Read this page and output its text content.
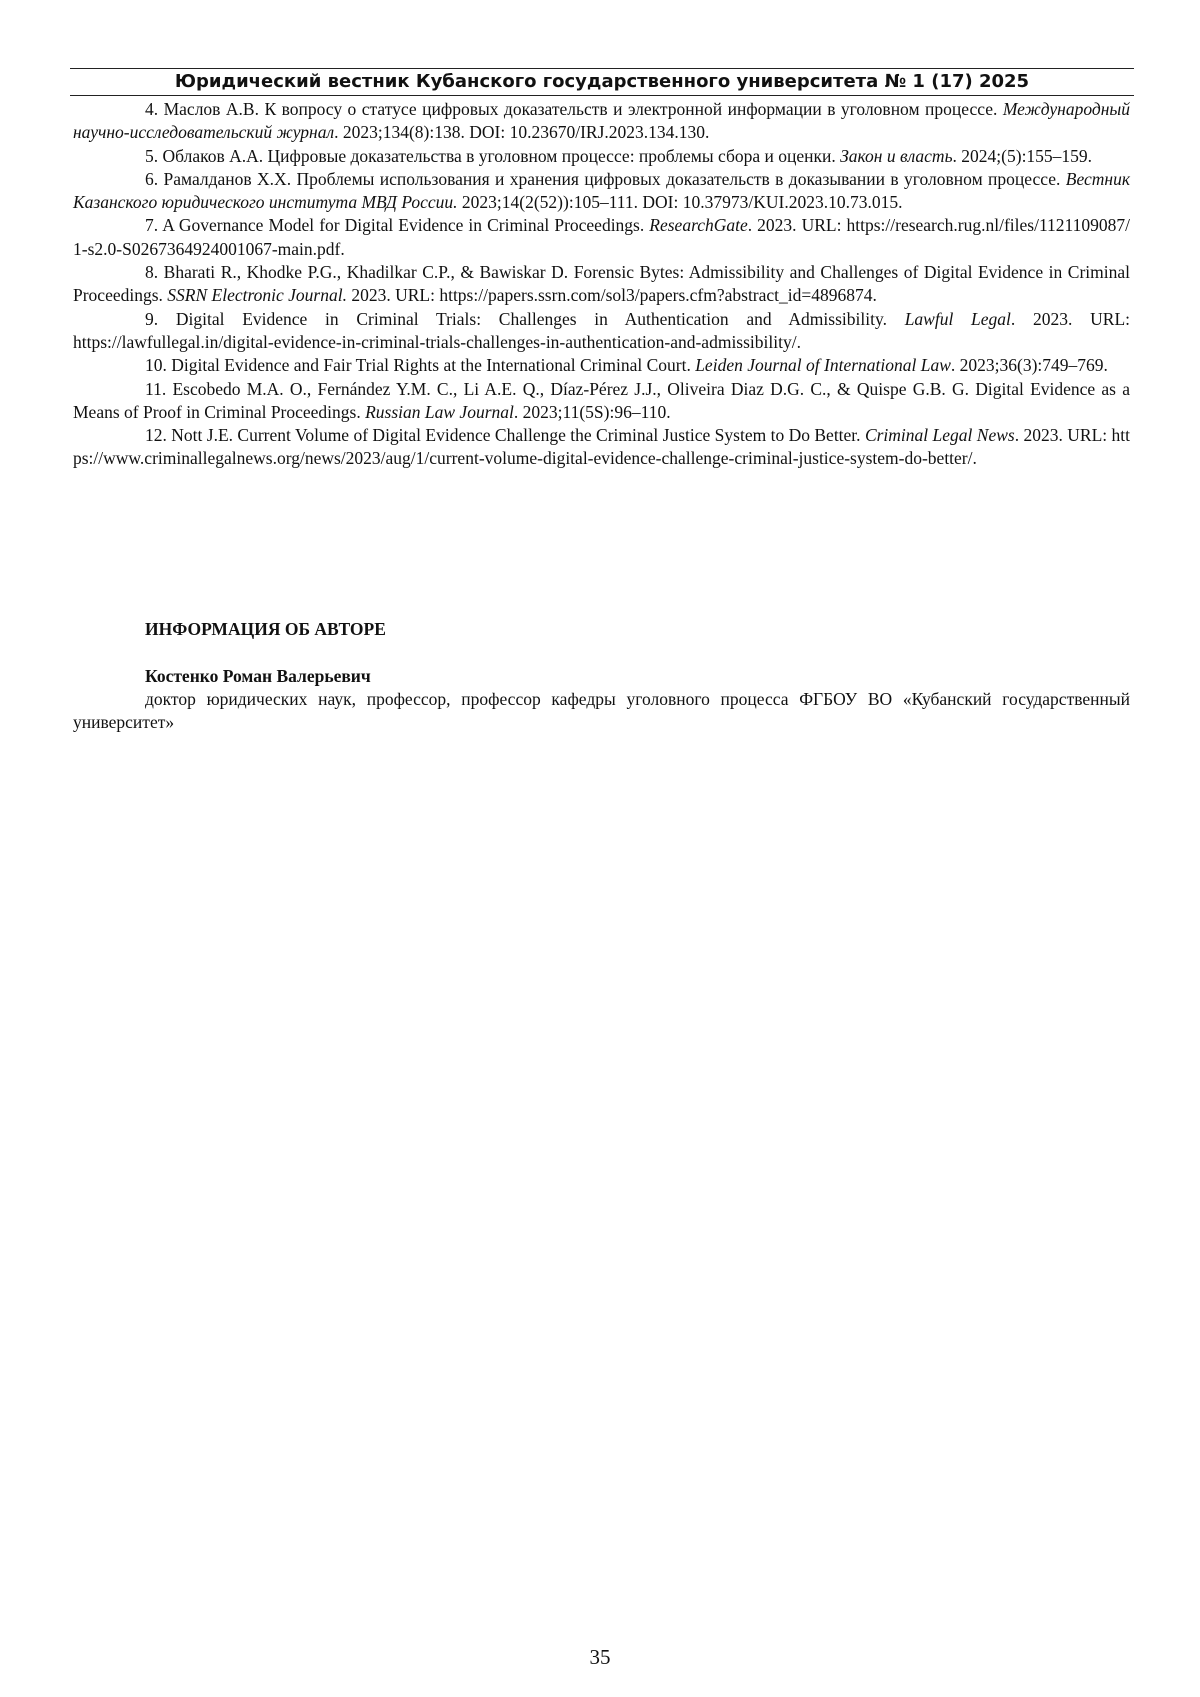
Юридический вестник Кубанского государственного университета № 1 (17) 2025

4. Маслов А.В. К вопросу о статусе цифровых доказательств и электронной информации в уголовном процессе. Международный научно-исследовательский журнал. 2023;134(8):138. DOI: 10.23670/IRJ.2023.134.130.

5. Облаков А.А. Цифровые доказательства в уголовном процессе: проблемы сбора и оценки. Закон и власть. 2024;(5):155–159.

6. Рамалданов Х.Х. Проблемы использования и хранения цифровых доказательств в доказывании в уголовном процессе. Вестник Казанского юридического института МВД России. 2023;14(2(52)):105–111. DOI: 10.37973/KUI.2023.10.73.015.

7. A Governance Model for Digital Evidence in Criminal Proceedings. ResearchGate. 2023. URL: https://research.rug.nl/files/1121109087/1-s2.0-S0267364924001067-main.pdf.

8. Bharati R., Khodke P.G., Khadilkar C.P., & Bawiskar D. Forensic Bytes: Admissibility and Challenges of Digital Evidence in Criminal Proceedings. SSRN Electronic Journal. 2023. URL: https://papers.ssrn.com/sol3/papers.cfm?abstract_id=4896874.

9. Digital Evidence in Criminal Trials: Challenges in Authentication and Admissibility. Lawful Legal. 2023. URL: https://lawfullegal.in/digital-evidence-in-criminal-trials-challenges-in-authentication-and-admissibility/.

10. Digital Evidence and Fair Trial Rights at the International Criminal Court. Leiden Journal of International Law. 2023;36(3):749–769.

11. Escobedo M.A. O., Fernández Y.M. C., Li A.E. Q., Díaz-Pérez J.J., Oliveira Diaz D.G. C., & Quispe G.B. G. Digital Evidence as a Means of Proof in Criminal Proceedings. Russian Law Journal. 2023;11(5S):96–110.

12. Nott J.E. Current Volume of Digital Evidence Challenge the Criminal Justice System to Do Better. Criminal Legal News. 2023. URL: https://www.criminallegalnews.org/news/2023/aug/1/current-volume-digital-evidence-challenge-criminal-justice-system-do-better/.

ИНФОРМАЦИЯ ОБ АВТОРЕ
Костенко Роман Валерьевич

доктор юридических наук, профессор, профессор кафедры уголовного процесса ФГБОУ ВО «Кубанский государственный университет»

35
